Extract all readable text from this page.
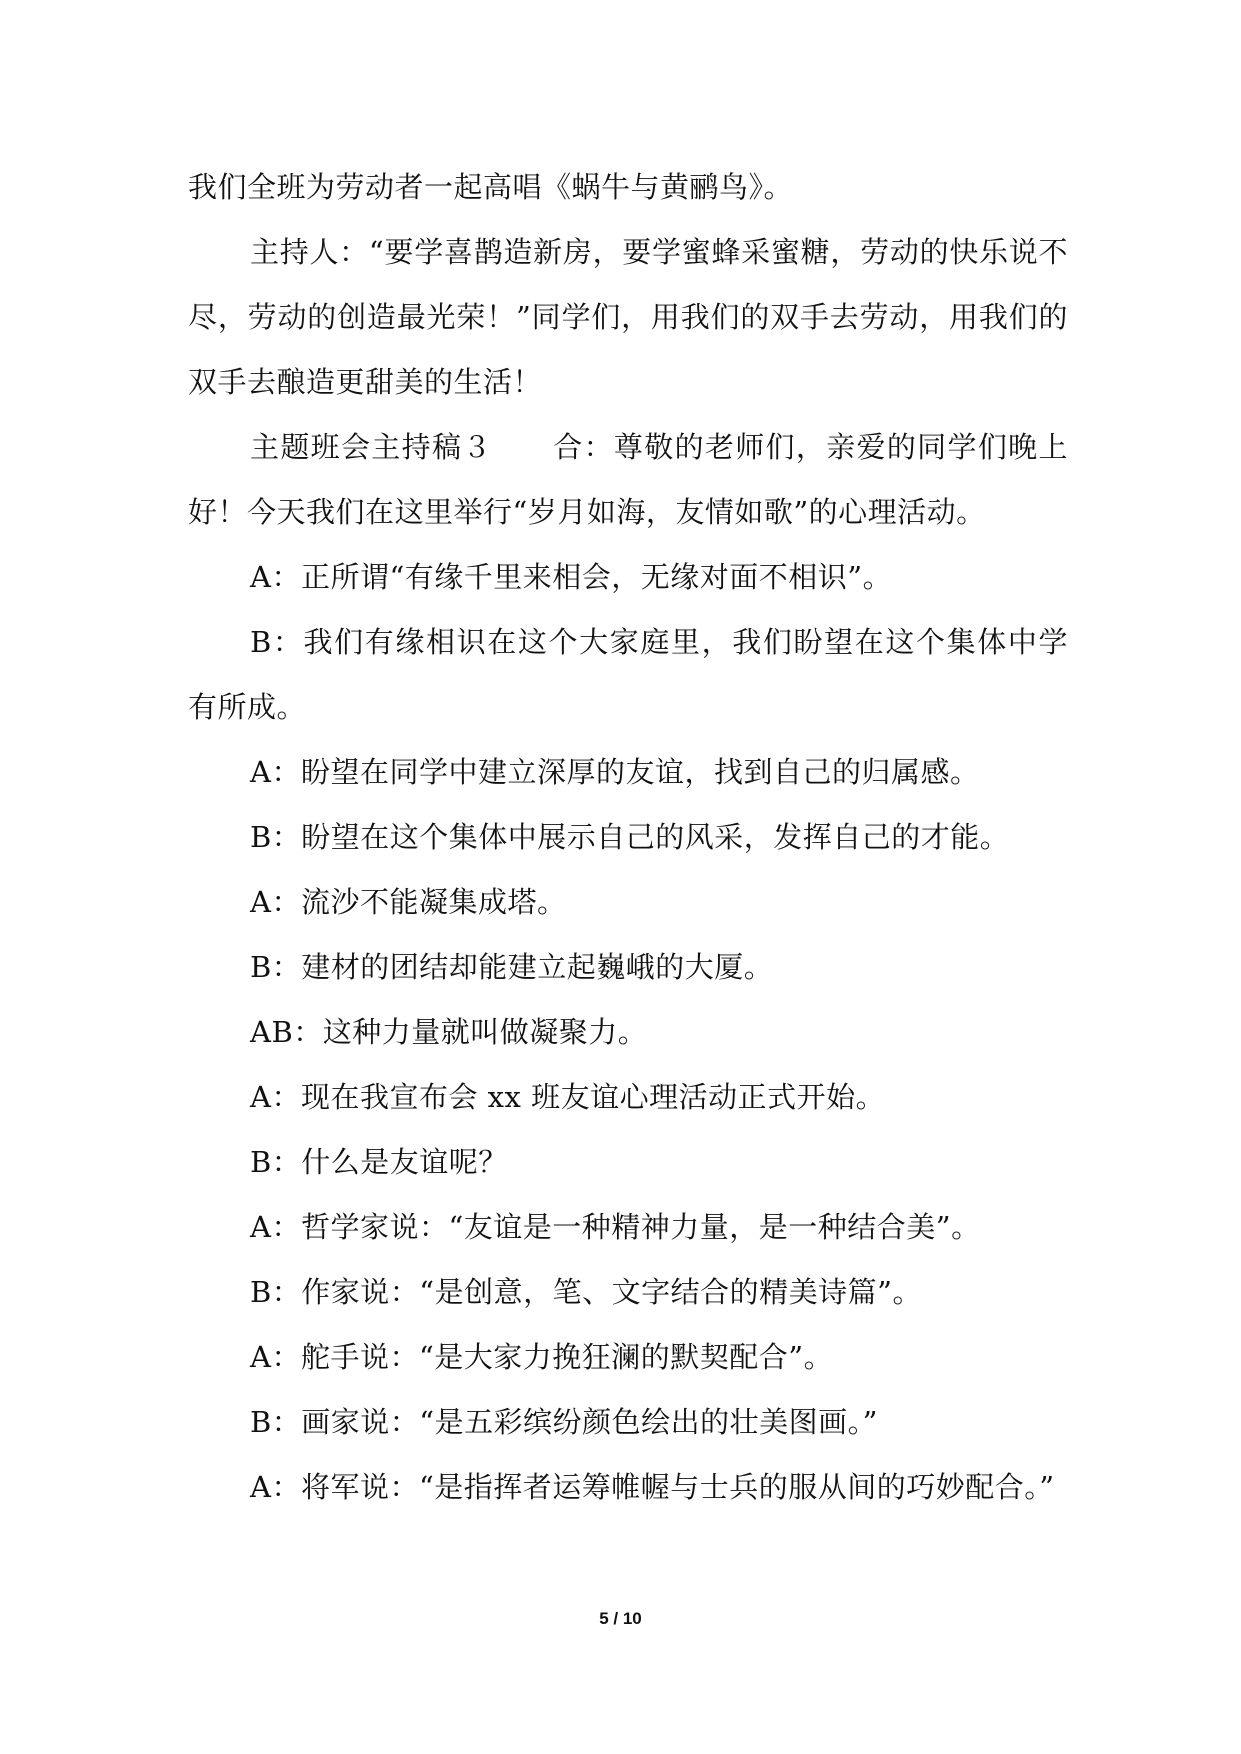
我们全班为劳动者一起高唱《蜗牛与黄鹂鸟》。

主持人：“要学喜鹊造新房，要学蜜蜂采蜜糖，劳动的快乐说不尽，劳动的创造最光荣！”同学们，用我们的双手去劳动，用我们的双手去酿造更甜美的生活！

主题班会主持稿３　　合：尊敬的老师们，亲爱的同学们晚上好！今天我们在这里举行“岁月如海，友情如歌”的心理活动。

A：正所谓“有缘千里来相会，无缘对面不相识”。

B：我们有缘相识在这个大家庭里，我们盼望在这个集体中学有所成。

A：盼望在同学中建立深厚的友谊，找到自己的归属感。

B：盼望在这个集体中展示自己的风采，发挥自己的才能。

A：流沙不能凝集成塔。

B：建材的团结却能建立起巍峨的大厦。

AB：这种力量就叫做凝聚力。

A：现在我宣布会 xx 班友谊心理活动正式开始。

B：什么是友谊呢？

A：哲学家说：“友谊是一种精神力量，是一种结合美”。

B：作家说：“是创意，笔、文字结合的精美诗篇”。

A：舵手说：“是大家力挽狂澜的默契配合”。

B：画家说：“是五彩缤纷颜色绘出的壮美图画。”

A：将军说：“是指挥者运筹帷幄与士兵的服从间的巧妙配合。”

5 / 10
